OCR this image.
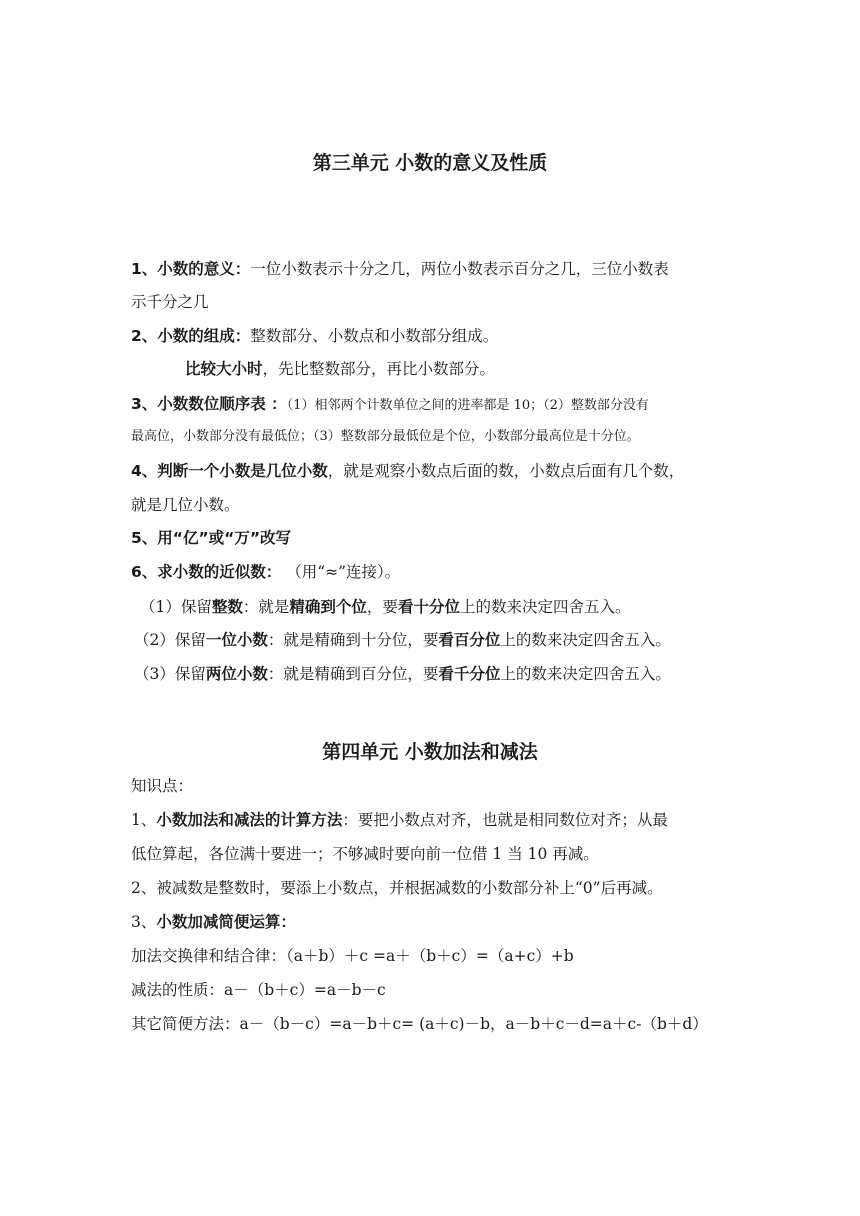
第三单元 小数的意义及性质
1、小数的意义：一位小数表示十分之几，两位小数表示百分之几，三位小数表
示千分之几
2、小数的组成：整数部分、小数点和小数部分组成。
比较大小时，先比整数部分，再比小数部分。
3、小数数位顺序表 ：（1）相邻两个计数单位之间的进率都是 10；（2）整数部分没有
最高位，小数部分没有最低位；（3）整数部分最低位是个位，小数部分最高位是十分位。
4、判断一个小数是几位小数，就是观察小数点后面的数，小数点后面有几个数，
就是几位小数。
5、用“亿”或“万”改写
6、求小数的近似数： （用“≈”连接）。
（1）保留整数：就是精确到个位，要看十分位上的数来决定四舍五入。
（2）保留一位小数：就是精确到十分位，要看百分位上的数来决定四舍五入。
（3）保留两位小数：就是精确到百分位，要看千分位上的数来决定四舍五入。
第四单元 小数加法和减法
知识点：
1、小数加法和减法的计算方法：要把小数点对齐，也就是相同数位对齐；从最
低位算起，各位满十要进一；不够减时要向前一位借 1 当 10 再减。
2、被减数是整数时，要添上小数点，并根据减数的小数部分补上“0”后再减。
3、小数加减简便运算：
加法交换律和结合律：（a＋b）＋c =a＋（b＋c）=（a+c）+b
减法的性质：a－（b＋c）=a－b－c
其它简便方法：a－（b－c）=a－b＋c= (a＋c)－b，a－b＋c－d=a＋c-（b＋d）
